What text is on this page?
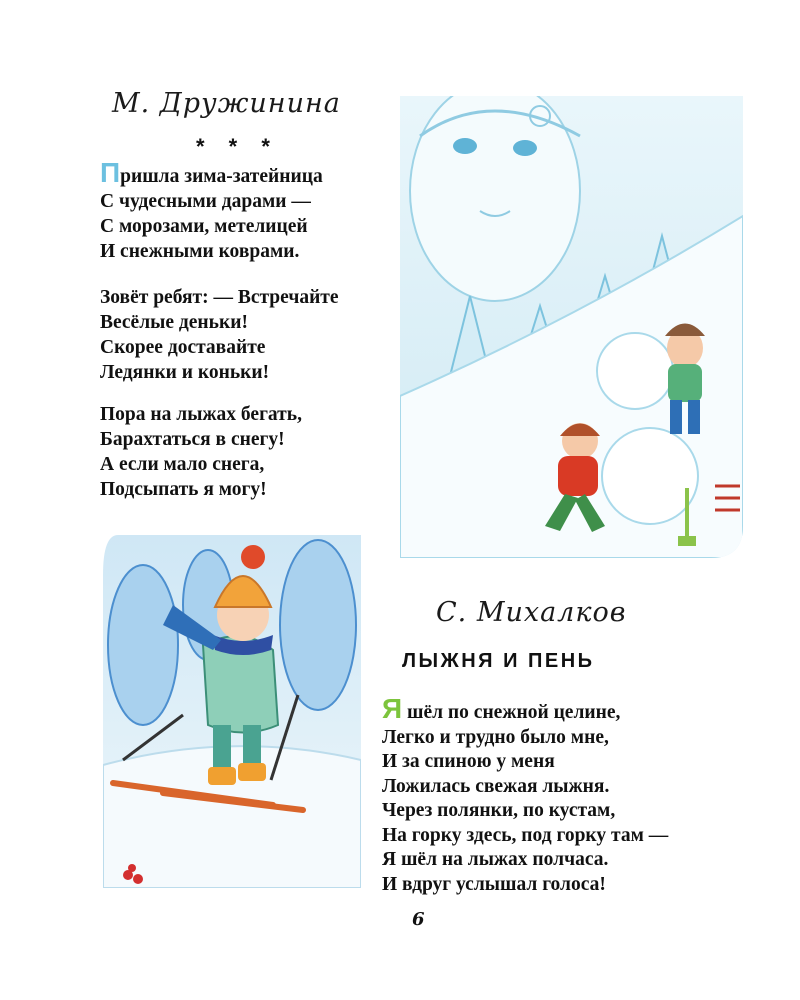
М. Дружинина
* * *
Пришла зима-затейница
С чудесными дарами —
С морозами, метелицей
И снежными коврами.
Зовёт ребят: — Встречайте
Весёлые деньки!
Скорее доставайте
Ледянки и коньки!
Пора на лыжах бегать,
Барахтаться в снегу!
А если мало снега,
Подсыпать я могу!
С. Михалков
ЛЫЖНЯ И ПЕНЬ
Я шёл по снежной целине,
Легко и трудно было мне,
И за спиною у меня
Ложилась свежая лыжня.
Через полянки, по кустам,
На горку здесь, под горку там —
Я шёл на лыжах полчаса.
И вдруг услышал голоса!
6
